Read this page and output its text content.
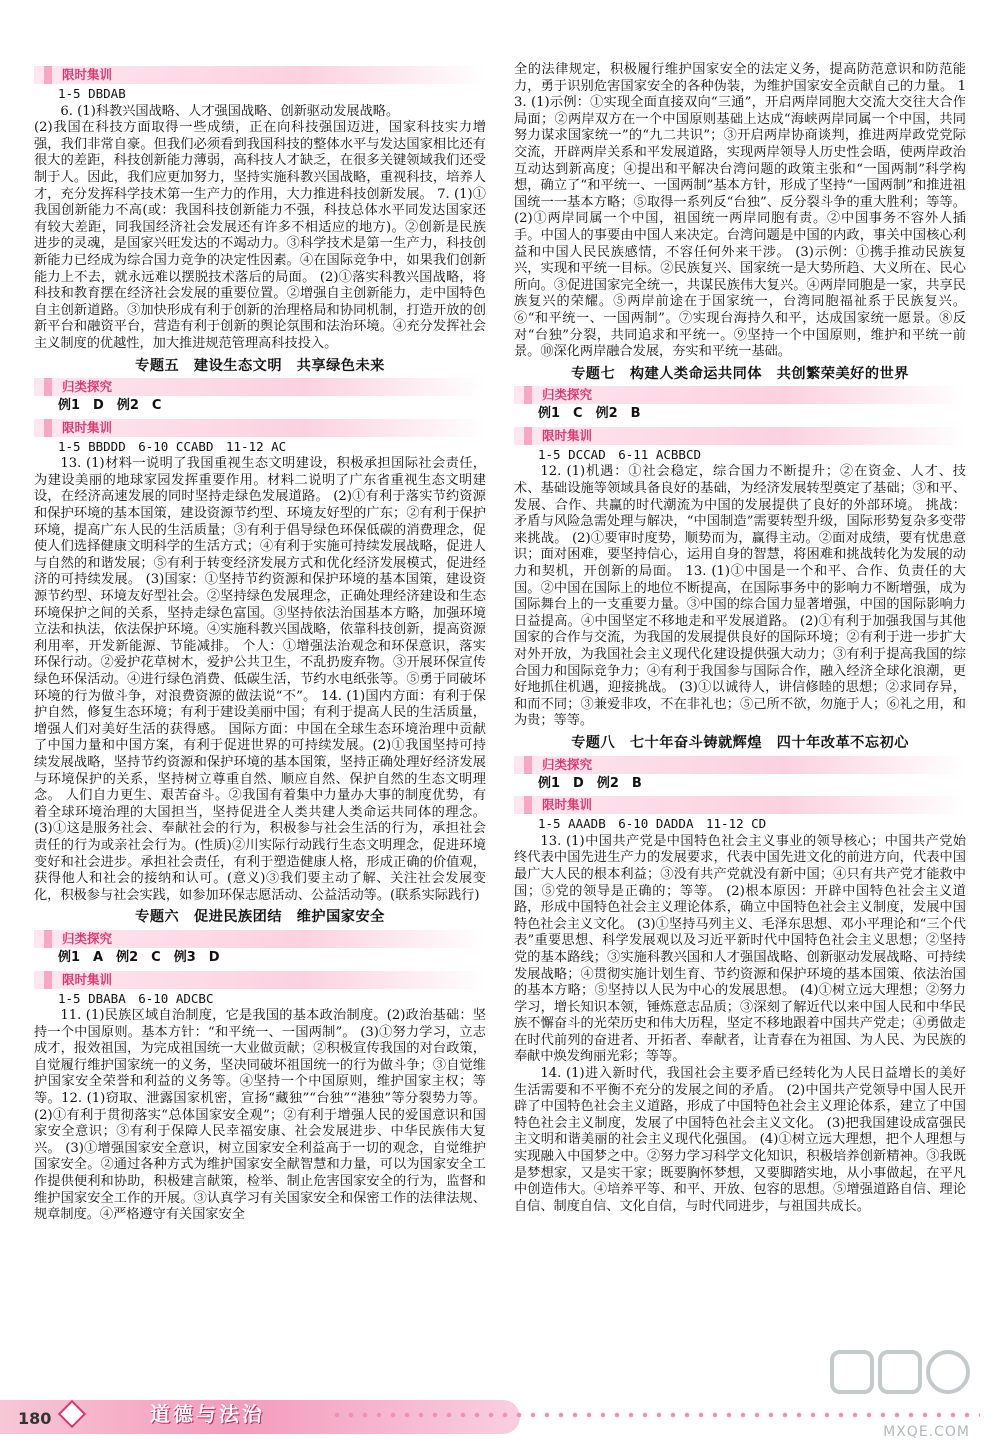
限时集训

1-5 DBDAB

6. (1)科教兴国战略、人才强国战略、创新驱动发展战略。

(2)我国在科技方面取得一些成绩，正在向科技强国迈进，国家科技实力增强，我们非常自豪。但我们必须看到我国科技的整体水平与发达国家相比还有很大的差距，科技创新能力薄弱，高科技人才缺乏，在很多关键领域我们还受制于人。因此，我们应更加努力，坚持实施科教兴国战略，重视科技，培养人才，充分发挥科学技术第一生产力的作用，大力推进科技创新发展。 7. (1)①我国创新能力不高(或：我国科技创新能力不强，科技总体水平同发达国家还有较大差距，同我国经济社会发展还有许多不相适应的地方)。②创新是民族进步的灵魂，是国家兴旺发达的不竭动力。③科学技术是第一生产力，科技创新能力已经成为综合国力竞争的决定性因素。④在国际竞争中，如果我们创新能力上不去，就永远难以摆脱技术落后的局面。 (2)①落实科教兴国战略，将科技和教育摆在经济社会发展的重要位置。②增强自主创新能力，走中国特色自主创新道路。③加快形成有利于创新的治理格局和协同机制，打造开放的创新平台和融资平台，营造有利于创新的舆论氛围和法治环境。④充分发挥社会主义制度的优越性，加大推进规范管理高科技投入。

专题五　建设生态文明　共享绿色未来
归类探究

例1　D　例2　C

限时集训

1-5 BBDDD　6-10 CCABD　11-12 AC

13. (1)材料一说明了我国重视生态文明建设，积极承担国际社会责任，为建设美丽的地球家园发挥重要作用。材料二说明了广东省重视生态文明建设，在经济高速发展的同时坚持走绿色发展道路。 (2)①有利于落实节约资源和保护环境的基本国策，建设资源节约型、环境友好型的广东；②有利于保护环境，提高广东人民的生活质量；③有利于倡导绿色环保低碳的消费理念，促使人们选择健康文明科学的生活方式；④有利于实施可持续发展战略，促进人与自然的和谐发展；⑤有利于转变经济发展方式和优化经济发展模式，促进经济的可持续发展。 (3)国家：①坚持节约资源和保护环境的基本国策，建设资源节约型、环境友好型社会。②坚持绿色发展理念，正确处理经济建设和生态环境保护之间的关系，坚持走绿色富国。③坚持依法治国基本方略，加强环境立法和执法，依法保护环境。④实施科教兴国战略，依靠科技创新，提高资源利用率，开发新能源、节能减排。 个人：①增强法治观念和环保意识，落实环保行动。②爱护花草树木，爱护公共卫生，不乱扔废弃物。③开展环保宣传绿色环保活动。④进行绿色消费、低碳生活，节约水电纸张等。⑤勇于同破坏环境的行为做斗争，对浪费资源的做法说“不”。 14. (1)国内方面：有利于保护自然，修复生态环境；有利于建设美丽中国；有利于提高人民的生活质量，增强人们对美好生活的获得感。 国际方面：中国在全球生态环境治理中贡献了中国力量和中国方案，有利于促进世界的可持续发展。(2)①我国坚持可持续发展战略，坚持节约资源和保护环境的基本国策，坚持正确处理好经济发展与环境保护的关系，坚持树立尊重自然、顺应自然、保护自然的生态文明理念。 人们自力更生、艰苦奋斗。②我国有着集中力量办大事的制度优势，有着全球环境治理的大国担当，坚持促进全人类共建人类命运共同体的理念。(3)①这是服务社会、奉献社会的行为，积极参与社会生活的行为，承担社会责任的行为或亲社会行为。(性质)②川实际行动践行生态文明理念，促进环境变好和社会进步。承担社会责任，有利于塑造健康人格，形成正确的价值观，获得他人和社会的接纳和认可。(意义)③我们要主动了解、关注社会发展变化，积极参与社会实践，如参加环保志愿活动、公益活动等。(联系实际践行)

专题六　促进民族团结　维护国家安全
归类探究

例1　A　例2　C　例3　D

限时集训

1-5 DBABA　6-10 ADCBC

11. (1)民族区域自治制度，它是我国的基本政治制度。(2)政治基础：坚持一个中国原则。基本方针：“和平统一、一国两制”。 (3)①努力学习，立志成才，报效祖国，为完成祖国统一大业做贡献；②积极宣传我国的对台政策，自觉履行维护国家统一的义务，坚决同破坏祖国统一的行为做斗争；③自觉维护国家安全荣誉和利益的义务等。④坚持一个中国原则，维护国家主权；等等。12. (1)窃取、泄露国家机密，宣扬“藏独”“台独”“港独”等分裂势力等。 (2)①有利于贯彻落实“总体国家安全观”；②有利于增强人民的爱国意识和国家安全意识；③有利于保障人民幸福安康、社会发展进步、中华民族伟大复兴。 (3)①增强国家安全意识，树立国家安全利益高于一切的观念，自觉维护国家安全。②通过各种方式为维护国家安全献智慧和力量，可以为国家安全工作提供便利和协助，积极建言献策，检举、制止危害国家安全的行为，监督和维护国家安全工作的开展。③认真学习有关国家安全和保密工作的法律法规、规章制度。④严格遵守有关国家安全

全的法律规定，积极履行维护国家安全的法定义务，提高防范意识和防范能力，勇于识别危害国家安全的各种伪装，为维护国家安全贡献自己的力量。 13. (1)示例：①实现全面直接双向“三通”，开启两岸同胞大交流大交往大合作局面；②两岸双方在一个中国原则基础上达成“海峡两岸同属一个中国，共同努力谋求国家统一”的“九二共识”；③开启两岸协商谈判，推进两岸政党党际交流，开辟两岸关系和平发展道路，实现两岸领导人历史性会晤，使两岸政治互动达到新高度；④提出和平解决台湾问题的政策主张和“一国两制”科学构想，确立了“和平统一、一国两制”基本方针，形成了坚持“一国两制”和推进祖国统一一基本方略；⑤取得一系列反“台独”、反分裂斗争的重大胜利；等等。 (2)①两岸同属一个中国，祖国统一两岸同胞有责。②中国事务不容外人插手。中国人的事要由中国人来决定。台湾问题是中国的内政，事关中国核心利益和中国人民民族感情，不容任何外来干涉。 (3)示例：①携手推动民族复兴，实现和平统一目标。②民族复兴、国家统一是大势所趋、大义所在、民心所向。③促进国家完全统一，共谋民族伟大复兴。④两岸同胞是一家，共享民族复兴的荣耀。⑤两岸前途在于国家统一，台湾同胞福祉系于民族复兴。⑥“和平统一、一国两制”。⑦实现台海持久和平，达成国家统一愿景。⑧反对“台独”分裂，共同追求和平统一。⑨坚持一个中国原则，维护和平统一前景。⑩深化两岸融合发展，夯实和平统一基础。

专题七　构建人类命运共同体　共创繁荣美好的世界
归类探究

例1　C　例2　B

限时集训

1-5 DCCAD　6-11 ACBBCD

12. (1)机遇：①社会稳定，综合国力不断提升；②在资金、人才、技术、基础设施等领域具备良好的基础，为经济发展转型奠定了基础；③和平、发展、合作、共赢的时代潮流为中国的发展提供了良好的外部环境。 挑战：矛盾与风险急需处理与解决，“中国制造”需要转型升级，国际形势复杂多变带来挑战。 (2)①要审时度势，顺势而为，赢得主动。②面对成绩，要有忧患意识；面对困难，要坚持信心，运用自身的智慧，将困难和挑战转化为发展的动力和契机，开创新的局面。 13. (1)①中国是一个和平、合作、负责任的大国。②中国在国际上的地位不断提高，在国际事务中的影响力不断增强，成为国际舞台上的一支重要力量。③中国的综合国力显著增强，中国的国际影响力日益提高。④中国坚定不移地走和平发展道路。 (2)①有利于加强我国与其他国家的合作与交流，为我国的发展提供良好的国际环境；②有利于进一步扩大对外开放，为我国社会主义现代化建设提供强大动力；③有利于提高我国的综合国力和国际竞争力；④有利于我国参与国际合作，融入经济全球化浪潮，更好地抓住机遇，迎接挑战。 (3)①以诚待人，讲信修睦的思想；②求同存异，和而不同；③兼爱非攻，不在非礼也；⑤己所不欲，勿施于人；⑥礼之用，和为贵；等等。

专题八　七十年奋斗铸就辉煌　四十年改革不忘初心
归类探究

例1　D　例2　B

限时集训

1-5 AAADB　6-10 DADDA　11-12 CD

13. (1)中国共产党是中国特色社会主义事业的领导核心；中国共产党始终代表中国先进生产力的发展要求，代表中国先进文化的前进方向，代表中国最广大人民的根本利益；③没有共产党就没有新中国；④只有共产党才能救中国；⑤党的领导是正确的；等等。 (2)根本原因：开辟中国特色社会主义道路，形成中国特色社会主义理论体系，确立中国特色社会主义制度，发展中国特色社会主义文化。 (3)①坚持马列主义、毛泽东思想、邓小平理论和“三个代表”重要思想、科学发展观以及习近平新时代中国特色社会主义思想；②坚持党的基本路线；③实施科教兴国和人才强国战略、创新驱动发展战略、可持续发展战略；④贯彻实施计划生育、节约资源和保护环境的基本国策、依法治国的基本方略；⑤坚持以人民为中心的发展思想。 (4)①树立远大理想；②努力学习，增长知识本领，锤炼意志品质；③深刻了解近代以来中国人民和中华民族不懈奋斗的光荣历史和伟大历程，坚定不移地跟着中国共产党走；④勇做走在时代前列的奋进者、开拓者、奉献者，让青春在为祖国、为人民、为民族的奉献中焕发绚丽光彩；等等。

14. (1)进入新时代，我国社会主要矛盾已经转化为人民日益增长的美好生活需要和不平衡不充分的发展之间的矛盾。 (2)中国共产党领导中国人民开辟了中国特色社会主义道路，形成了中国特色社会主义理论体系，建立了中国特色社会主义制度，发展了中国特色社会主义文化。 (3)把我国建设成富强民主文明和谐美丽的社会主义现代化强国。 (4)①树立远大理想，把个人理想与实现融入中国梦之中。②努力学习科学文化知识，积极培养创新精神。③我既是梦想家，又是实干家；既要胸怀梦想，又要脚踏实地，从小事做起，在平凡中创造伟大。④培养平等、和平、开放、包容的思想。⑤增强道路自信、理论自信、制度自信、文化自信，与时代同进步，与祖国共成长。

180	道德与法治
MXQE.COM
